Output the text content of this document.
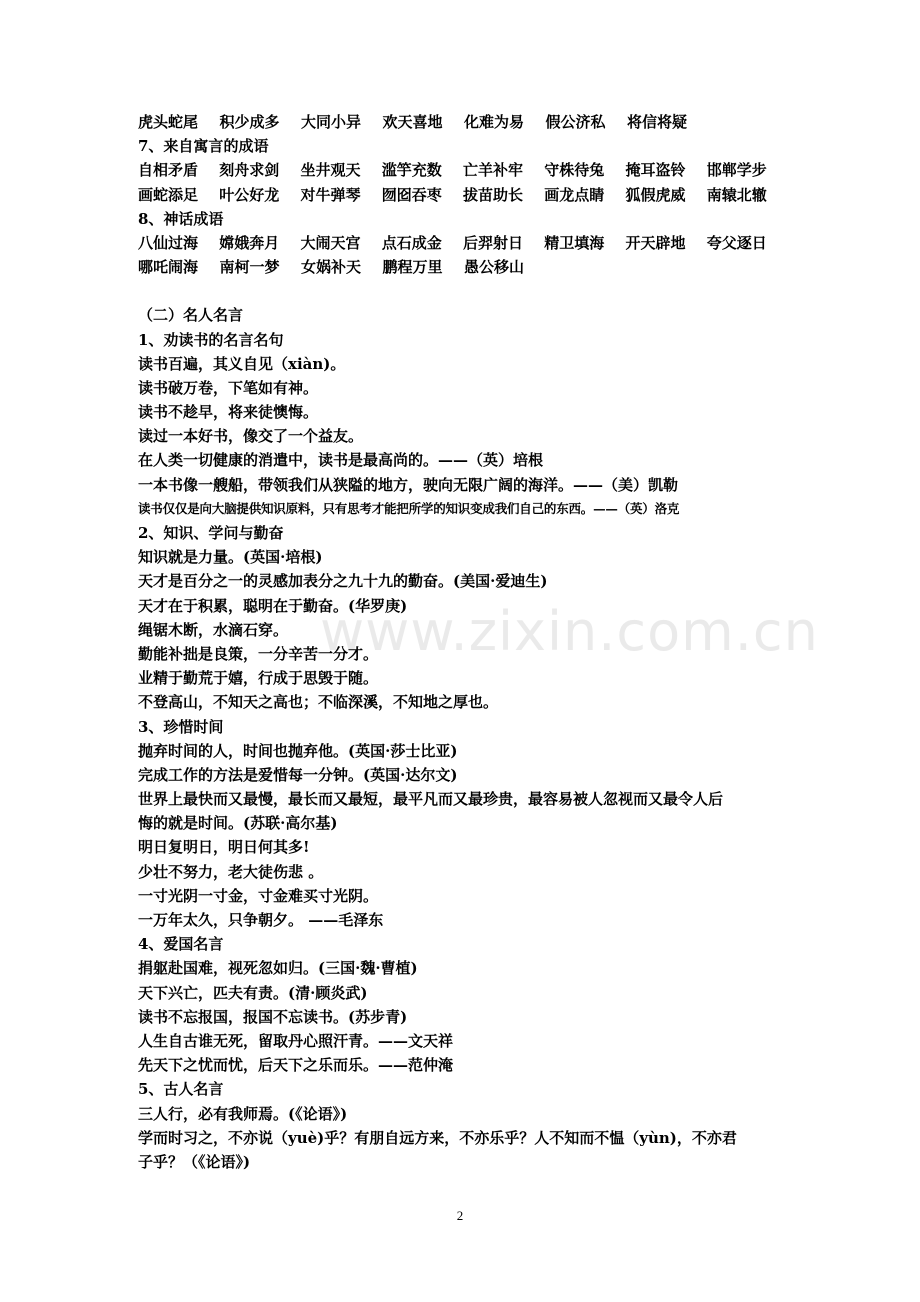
www.zixin.com.cn
虎头蛇尾	积少成多	大同小异	欢天喜地	化难为易	假公济私	将信将疑
7、来自寓言的成语
自相矛盾	刻舟求剑	坐井观天	滥竽充数	亡羊补牢	守株待兔	掩耳盗铃	邯郸学步
画蛇添足	叶公好龙	对牛弹琴	囫囵吞枣	拔苗助长	画龙点睛	狐假虎威	南辕北辙
8、神话成语
八仙过海	嫦娥奔月	大闹天宫	点石成金	后羿射日	精卫填海	开天辟地	夸父逐日
哪吒闹海	南柯一梦	女娲补天	鹏程万里	愚公移山
（二）名人名言
1、劝读书的名言名句
读书百遍，其义自见（xiàn)。
读书破万卷，下笔如有神。
读书不趁早，将来徒懊悔。
读过一本好书，像交了一个益友。
在人类一切健康的消遣中，读书是最高尚的。——（英）培根
一本书像一艘船，带领我们从狭隘的地方，驶向无限广阔的海洋。——（美）凯勒
读书仅仅是向大脑提供知识原料，只有思考才能把所学的知识变成我们自己的东西。——（英）洛克
2、知识、学问与勤奋
知识就是力量。(英国·培根)
天才是百分之一的灵感加表分之九十九的勤奋。(美国·爱迪生)
天才在于积累，聪明在于勤奋。(华罗庚)
绳锯木断，水滴石穿。
勤能补拙是良策，一分辛苦一分才。
业精于勤荒于嬉，行成于思毁于随。
不登高山，不知天之高也；不临深溪，不知地之厚也。
3、珍惜时间
抛弃时间的人，时间也抛弃他。(英国·莎士比亚)
完成工作的方法是爱惜每一分钟。(英国·达尔文)
世界上最快而又最慢，最长而又最短，最平凡而又最珍贵，最容易被人忽视而又最令人后
悔的就是时间。(苏联·高尔基)
明日复明日，明日何其多!
少壮不努力，老大徒伤悲 。
一寸光阴一寸金，寸金难买寸光阴。
一万年太久，只争朝夕。 ——毛泽东
4、爱国名言
捐躯赴国难，视死忽如归。(三国·魏·曹植)
天下兴亡，匹夫有责。(清·顾炎武)
读书不忘报国，报国不忘读书。(苏步青)
人生自古谁无死，留取丹心照汗青。——文天祥
先天下之忧而忧，后天下之乐而乐。——范仲淹
5、古人名言
三人行，必有我师焉。(《论语》)
学而时习之，不亦说（yuè)乎？有朋自远方来，不亦乐乎？人不知而不愠（yùn)，不亦君
子乎？（《论语》)
2
